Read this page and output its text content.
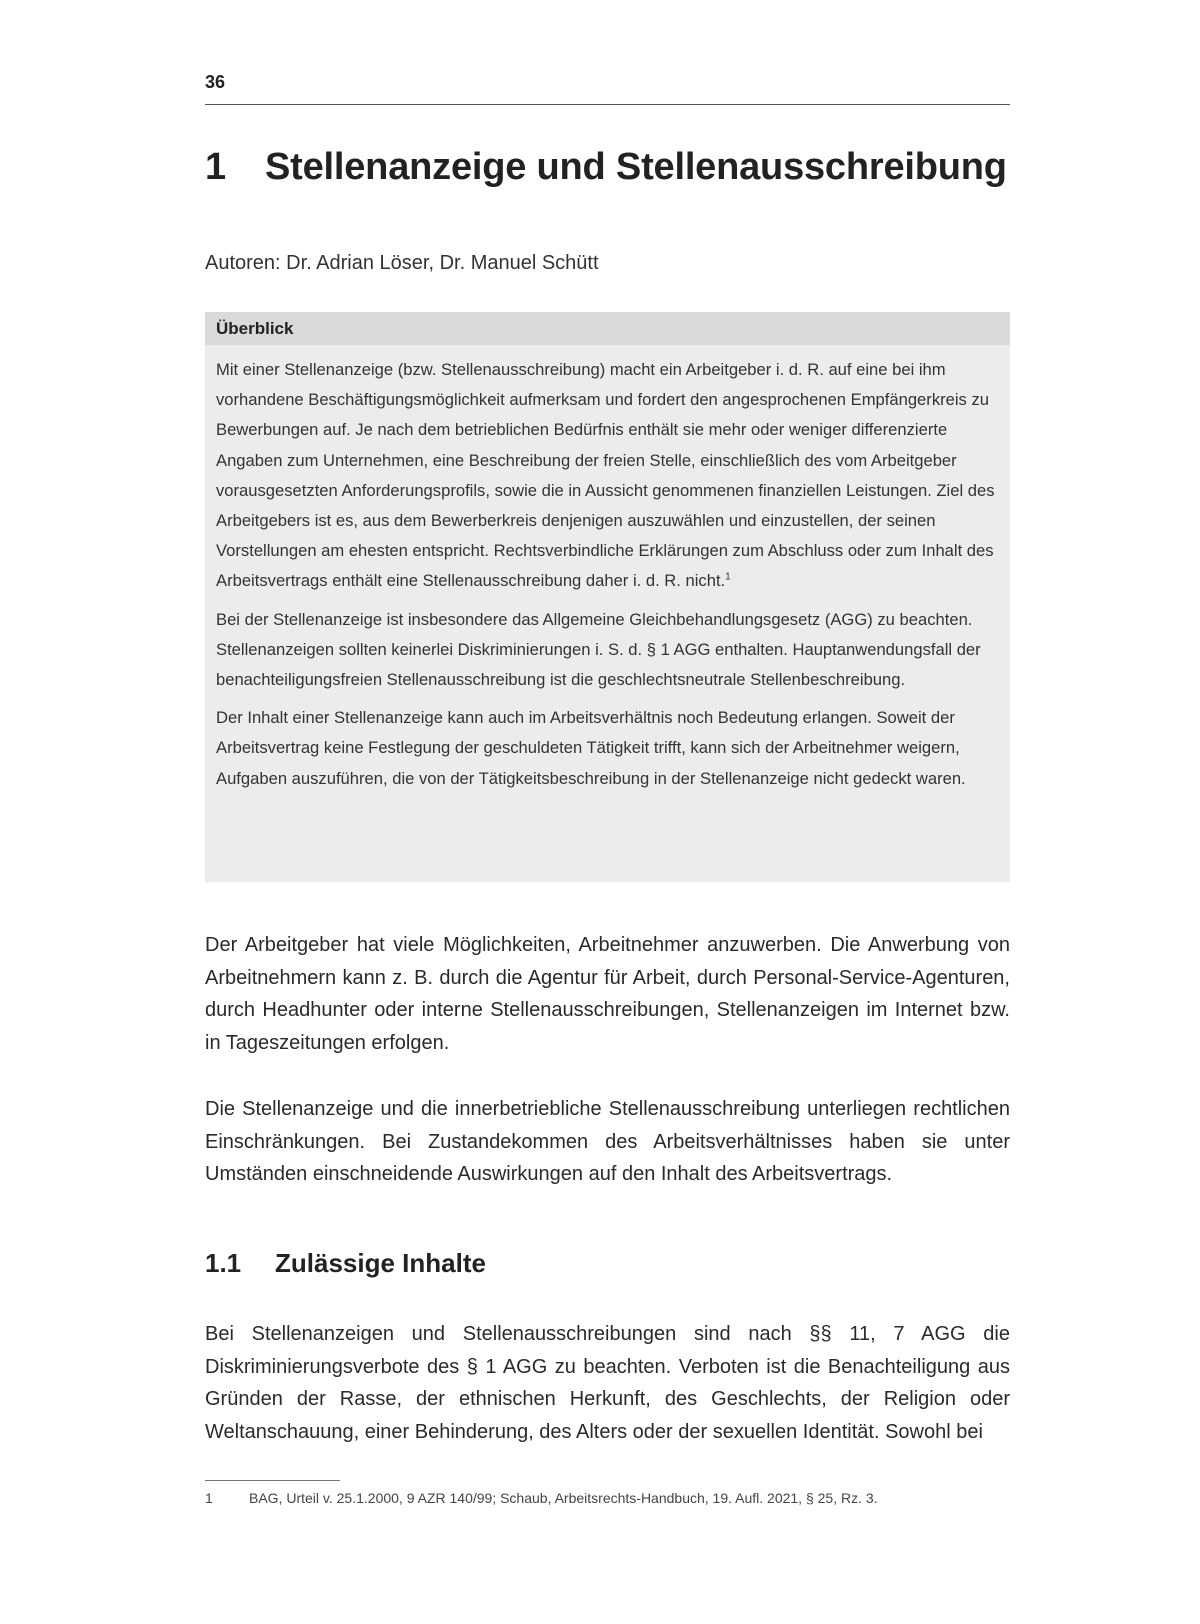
36
1 Stellenanzeige und Stellenausschreibung
Autoren: Dr. Adrian Löser, Dr. Manuel Schütt
Überblick

Mit einer Stellenanzeige (bzw. Stellenausschreibung) macht ein Arbeitgeber i. d. R. auf eine bei ihm vorhandene Beschäftigungsmöglichkeit aufmerksam und fordert den angesprochenen Empfängerkreis zu Bewerbungen auf. Je nach dem betrieblichen Bedürfnis enthält sie mehr oder weniger differenzierte Angaben zum Unternehmen, eine Beschreibung der freien Stelle, einschließlich des vom Arbeitgeber vorausgesetzten Anforderungsprofils, sowie die in Aussicht genommenen finanziellen Leistungen. Ziel des Arbeitgebers ist es, aus dem Bewerberkreis denjenigen auszuwählen und einzustellen, der seinen Vorstellungen am ehesten entspricht. Rechtsverbindliche Erklärungen zum Abschluss oder zum Inhalt des Arbeitsvertrags enthält eine Stellenausschreibung daher i. d. R. nicht.$^1$

Bei der Stellenanzeige ist insbesondere das Allgemeine Gleichbehandlungsgesetz (AGG) zu beachten. Stellenanzeigen sollten keinerlei Diskriminierungen i. S. d. § 1 AGG enthalten. Hauptanwendungsfall der benachteiligungsfreien Stellenausschreibung ist die geschlechtsneutrale Stellenbeschreibung.

Der Inhalt einer Stellenanzeige kann auch im Arbeitsverhältnis noch Bedeutung erlangen. Soweit der Arbeitsvertrag keine Festlegung der geschuldeten Tätigkeit trifft, kann sich der Arbeitnehmer weigern, Aufgaben auszuführen, die von der Tätigkeitsbeschreibung in der Stellenanzeige nicht gedeckt waren.

Der Arbeitgeber hat viele Möglichkeiten, Arbeitnehmer anzuwerben. Die Anwerbung von Arbeitnehmern kann z. B. durch die Agentur für Arbeit, durch Personal-Service-Agenturen, durch Headhunter oder interne Stellenausschreibungen, Stellenanzeigen im Internet bzw. in Tageszeitungen erfolgen.

Die Stellenanzeige und die innerbetriebliche Stellenausschreibung unterliegen rechtlichen Einschränkungen. Bei Zustandekommen des Arbeitsverhältnisses haben sie unter Umständen einschneidende Auswirkungen auf den Inhalt des Arbeitsvertrags.

1.1 Zulässige Inhalte

Bei Stellenanzeigen und Stellenausschreibungen sind nach §§ 11, 7 AGG die Diskriminierungsverbote des § 1 AGG zu beachten. Verboten ist die Benachteiligung aus Gründen der Rasse, der ethnischen Herkunft, des Geschlechts, der Religion oder Weltanschauung, einer Behinderung, des Alters oder der sexuellen Identität. Sowohl bei

1	BAG, Urteil v. 25.1.2000, 9 AZR 140/99; Schaub, Arbeitsrechts-Handbuch, 19. Aufl. 2021, § 25, Rz. 3.
